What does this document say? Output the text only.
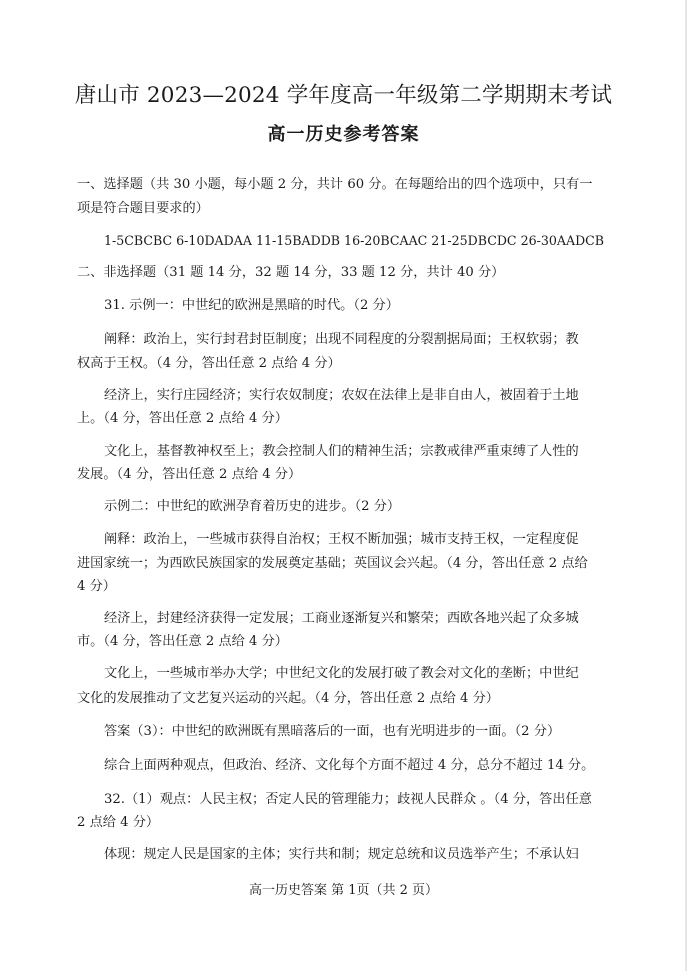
唐山市 2023—2024 学年度高一年级第二学期期末考试
高一历史参考答案
一、选择题（共 30 小题，每小题 2 分，共计 60 分。在每题给出的四个选项中，只有一
项是符合题目要求的）
1-5CBCBC 6-10DADAA 11-15BADDB 16-20BCAAC 21-25DBCDC 26-30AADCB
二、非选择题（31 题 14 分，32 题 14 分，33 题 12 分，共计 40 分）
31. 示例一：中世纪的欧洲是黑暗的时代。（2 分）
阐释：政治上，实行封君封臣制度；出现不同程度的分裂割据局面；王权软弱；教
权高于王权。（4 分，答出任意 2 点给 4 分）
经济上，实行庄园经济；实行农奴制度；农奴在法律上是非自由人，被固着于土地
上。（4 分，答出任意 2 点给 4 分）
文化上，基督教神权至上；教会控制人们的精神生活；宗教戒律严重束缚了人性的
发展。（4 分，答出任意 2 点给 4 分）
示例二：中世纪的欧洲孕育着历史的进步。（2 分）
阐释：政治上，一些城市获得自治权；王权不断加强；城市支持王权，一定程度促
进国家统一；为西欧民族国家的发展奠定基础；英国议会兴起。（4 分，答出任意 2 点给
4 分）
经济上，封建经济获得一定发展；工商业逐渐复兴和繁荣；西欧各地兴起了众多城
市。（4 分，答出任意 2 点给 4 分）
文化上，一些城市举办大学；中世纪文化的发展打破了教会对文化的垄断；中世纪
文化的发展推动了文艺复兴运动的兴起。（4 分，答出任意 2 点给 4 分）
答案（3）：中世纪的欧洲既有黑暗落后的一面，也有光明进步的一面。（2 分）
综合上面两种观点，但政治、经济、文化每个方面不超过 4 分，总分不超过 14 分。
32.（1）观点：人民主权；否定人民的管理能力；歧视人民群众 。（4 分，答出任意
2 点给 4 分）
体现：规定人民是国家的主体；实行共和制；规定总统和议员选举产生；不承认妇
高一历史答案 第 1页（共 2 页）
